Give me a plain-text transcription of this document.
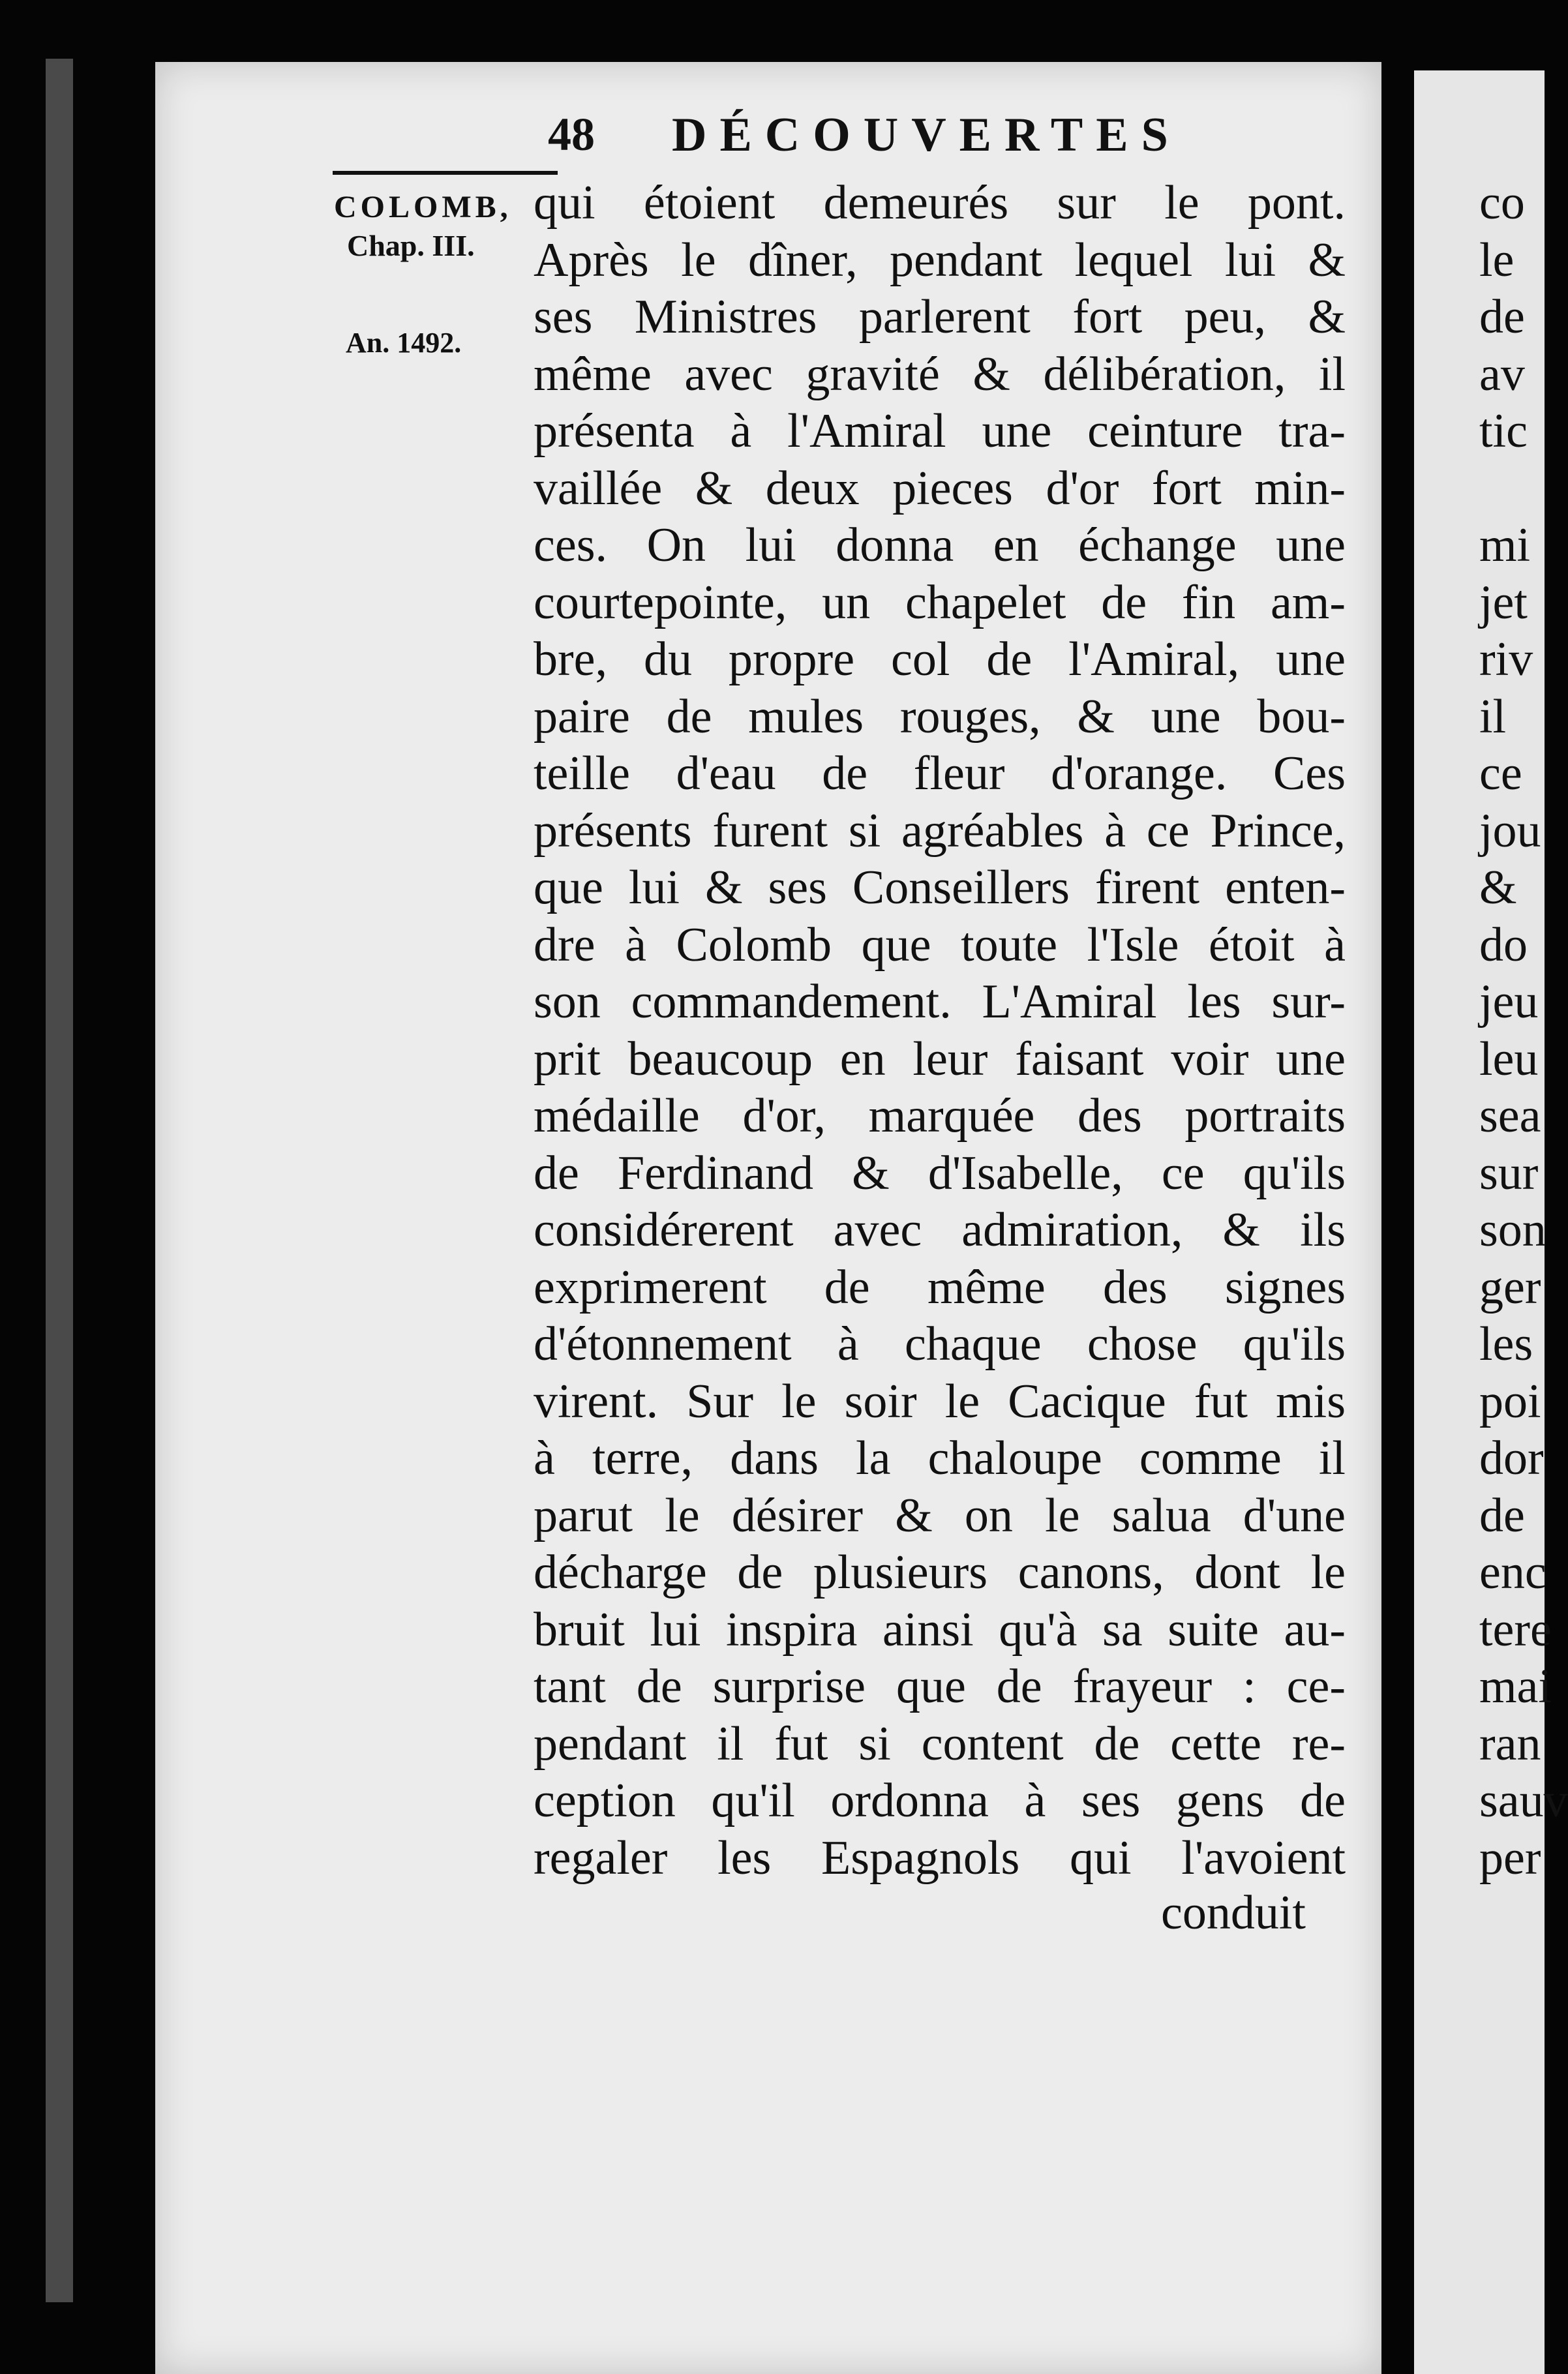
co
le
de
av
tic
mi
jet
riv
il
ce
jou
&
do
jeu
leu
sea
sur
son
ger
les
poi
dor
de
enc
tere
mai
ran
sauv
per
48 DÉCOUVERTES
COLOMB,
Chap. III.
An. 1492.
qui étoient demeurés sur le pont.
Après le dîner, pendant lequel lui &
ses Ministres parlerent fort peu, &
même avec gravité & délibération, il
présenta à l'Amiral une ceinture tra-
vaillée & deux pieces d'or fort min-
ces. On lui donna en échange une
courtepointe, un chapelet de fin am-
bre, du propre col de l'Amiral, une
paire de mules rouges, & une bou-
teille d'eau de fleur d'orange. Ces
présents furent si agréables à ce Prince,
que lui & ses Conseillers firent enten-
dre à Colomb que toute l'Isle étoit à
son commandement. L'Amiral les sur-
prit beaucoup en leur faisant voir une
médaille d'or, marquée des portraits
de Ferdinand & d'Isabelle, ce qu'ils
considérerent avec admiration, & ils
exprimerent de même des signes
d'étonnement à chaque chose qu'ils
virent. Sur le soir le Cacique fut mis
à terre, dans la chaloupe comme il
parut le désirer & on le salua d'une
décharge de plusieurs canons, dont le
bruit lui inspira ainsi qu'à sa suite au-
tant de surprise que de frayeur : ce-
pendant il fut si content de cette re-
ception qu'il ordonna à ses gens de
regaler les Espagnols qui l'avoient
conduit
